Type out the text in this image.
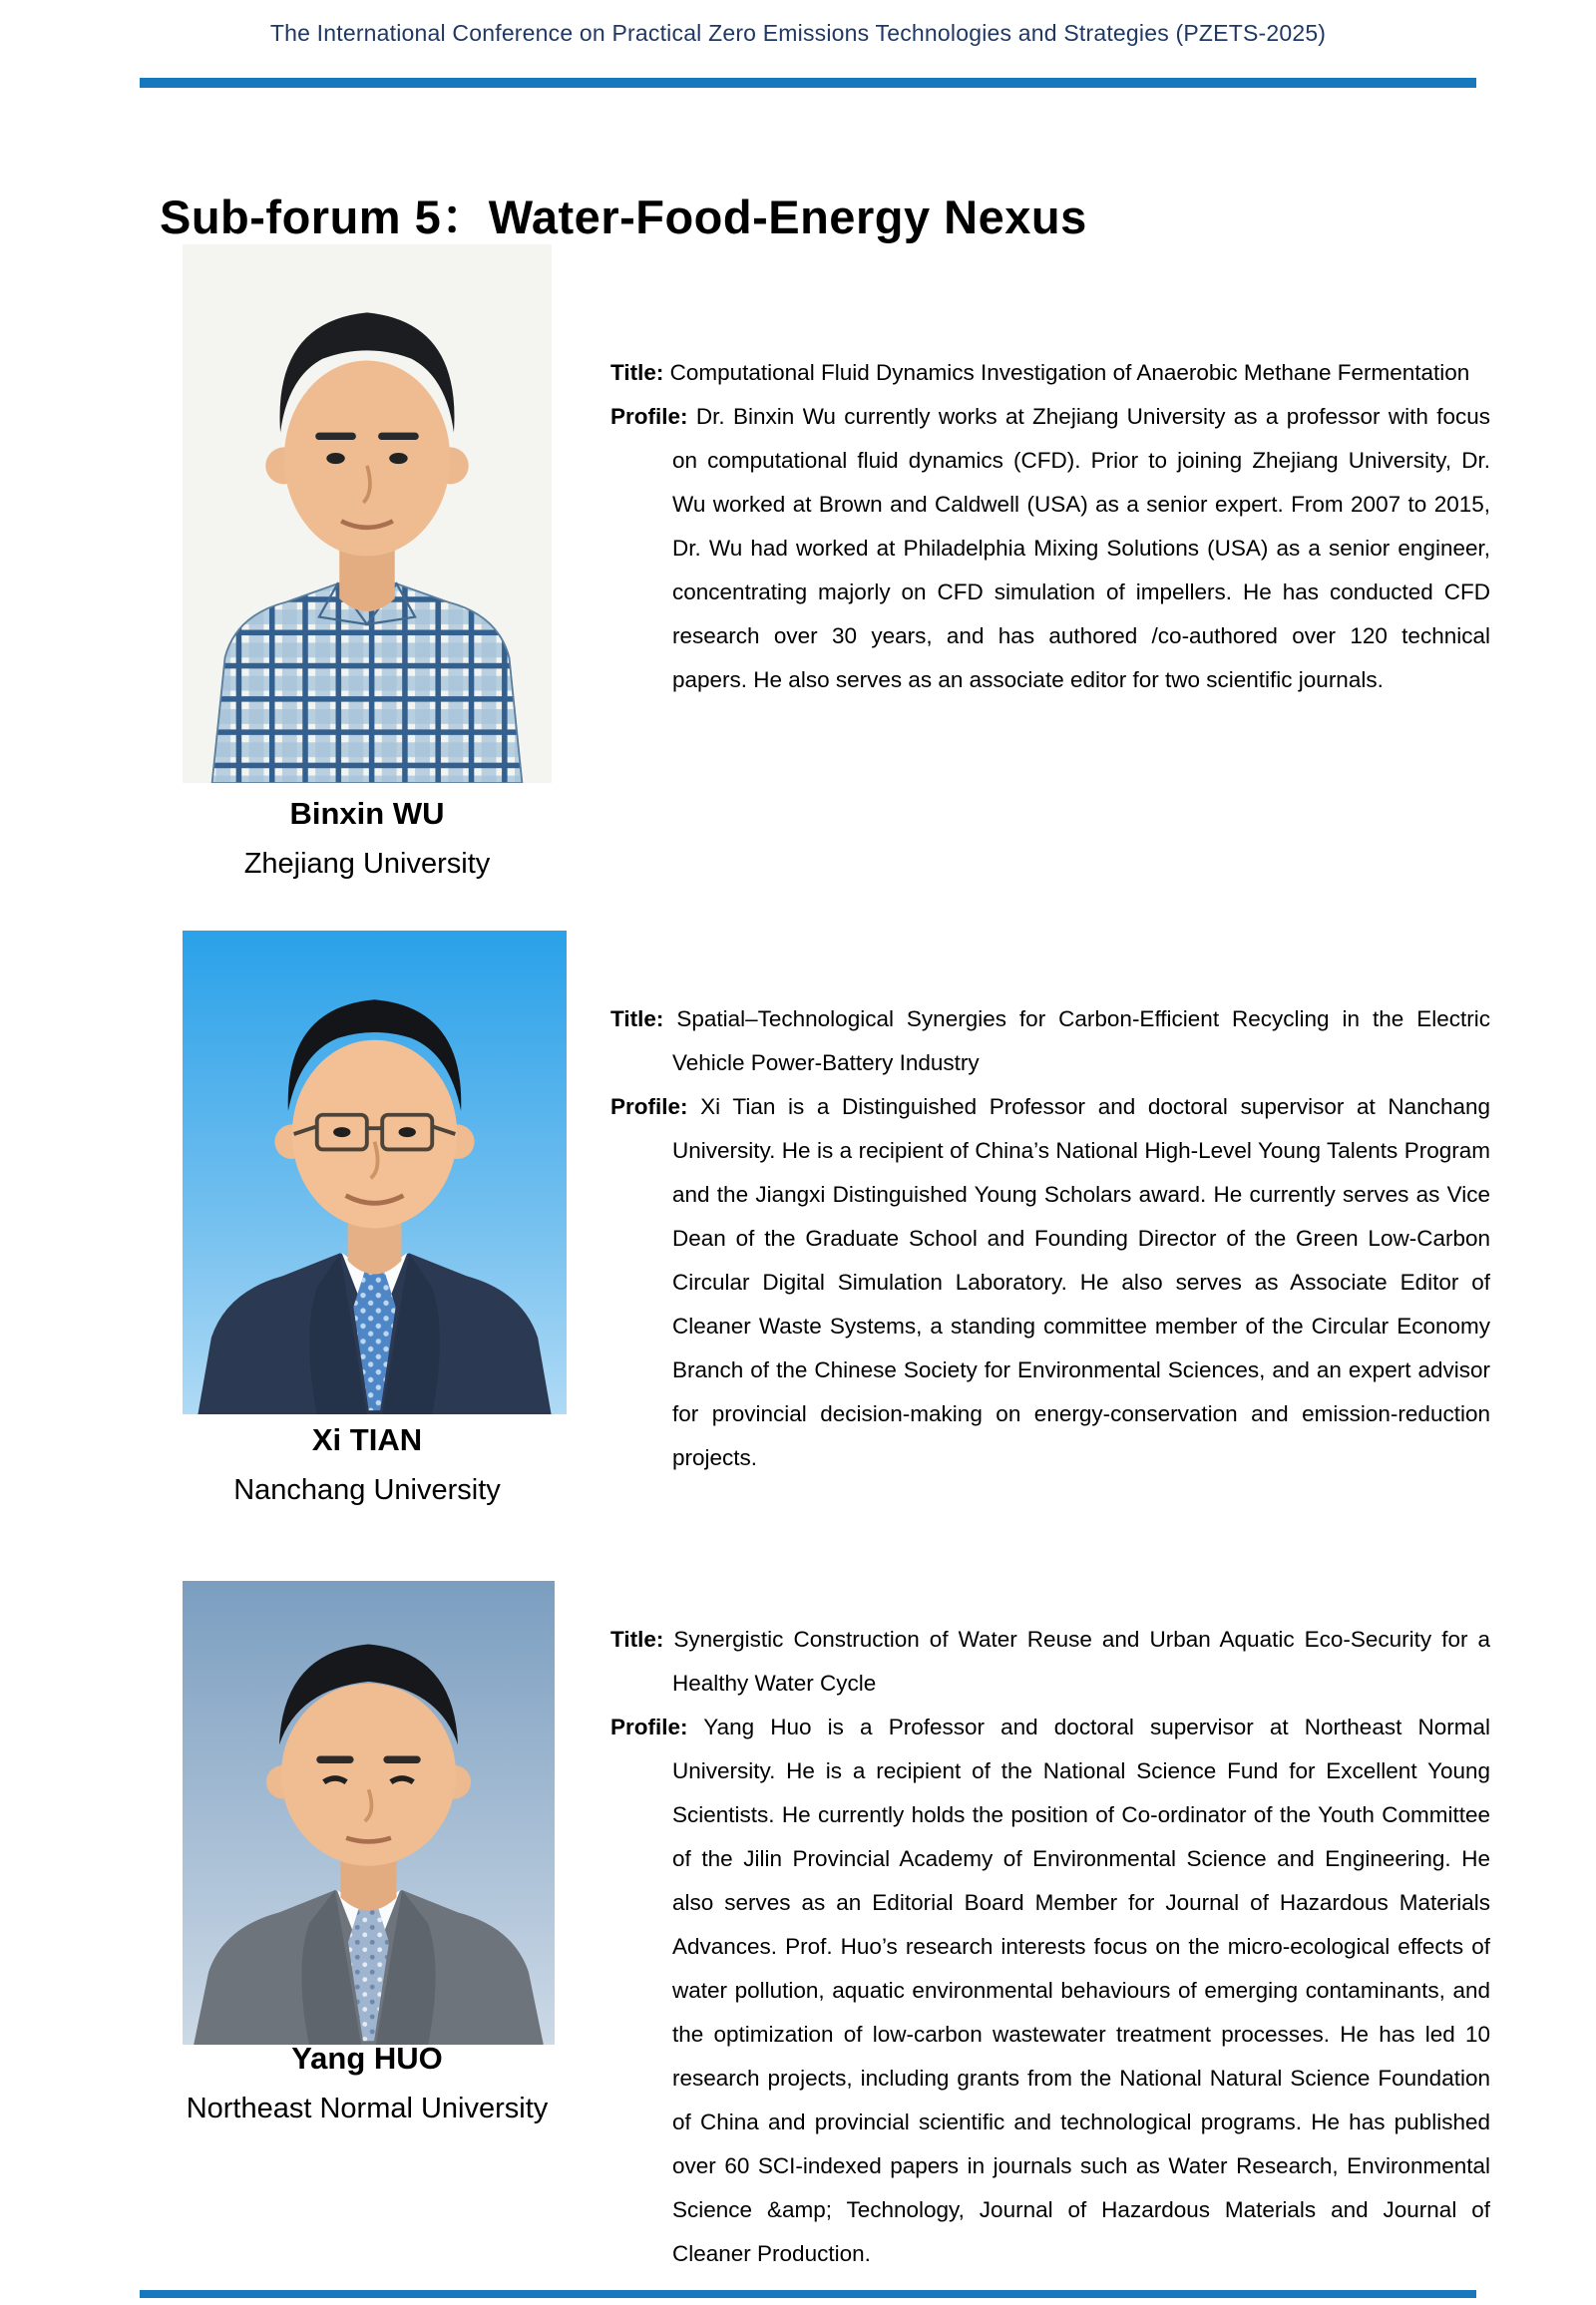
The International Conference on Practical Zero Emissions Technologies and Strategies (PZETS-2025)
Sub-forum 5：Water-Food-Energy Nexus
Binxin WU
Zhejiang University

Title: Computational Fluid Dynamics Investigation of Anaerobic Methane Fermentation

Profile: Dr. Binxin Wu currently works at Zhejiang University as a professor with focus on computational fluid dynamics (CFD). Prior to joining Zhejiang University, Dr. Wu worked at Brown and Caldwell (USA) as a senior expert. From 2007 to 2015, Dr. Wu had worked at Philadelphia Mixing Solutions (USA) as a senior engineer, concentrating majorly on CFD simulation of impellers. He has conducted CFD research over 30 years, and has authored /co-authored over 120 technical papers. He also serves as an associate editor for two scientific journals.

Xi TIAN
Nanchang University

Title: Spatial–Technological Synergies for Carbon-Efficient Recycling in the Electric Vehicle Power-Battery Industry

Profile: Xi Tian is a Distinguished Professor and doctoral supervisor at Nanchang University. He is a recipient of China’s National High-Level Young Talents Program and the Jiangxi Distinguished Young Scholars award. He currently serves as Vice Dean of the Graduate School and Founding Director of the Green Low-Carbon Circular Digital Simulation Laboratory. He also serves as Associate Editor of Cleaner Waste Systems, a standing committee member of the Circular Economy Branch of the Chinese Society for Environmental Sciences, and an expert advisor for provincial decision-making on energy-conservation and emission-reduction projects.

Yang HUO
Northeast Normal University

Title: Synergistic Construction of Water Reuse and Urban Aquatic Eco-Security for a Healthy Water Cycle

Profile: Yang Huo is a Professor and doctoral supervisor at Northeast Normal University. He is a recipient of the National Science Fund for Excellent Young Scientists. He currently holds the position of Co-ordinator of the Youth Committee of the Jilin Provincial Academy of Environmental Science and Engineering. He also serves as an Editorial Board Member for Journal of Hazardous Materials Advances. Prof. Huo’s research interests focus on the micro-ecological effects of water pollution, aquatic environmental behaviours of emerging contaminants, and the optimization of low-carbon wastewater treatment processes. He has led 10 research projects, including grants from the National Natural Science Foundation of China and provincial scientific and technological programs. He has published over 60 SCI-indexed papers in journals such as Water Research, Environmental Science &amp; Technology, Journal of Hazardous Materials and Journal of Cleaner Production.
